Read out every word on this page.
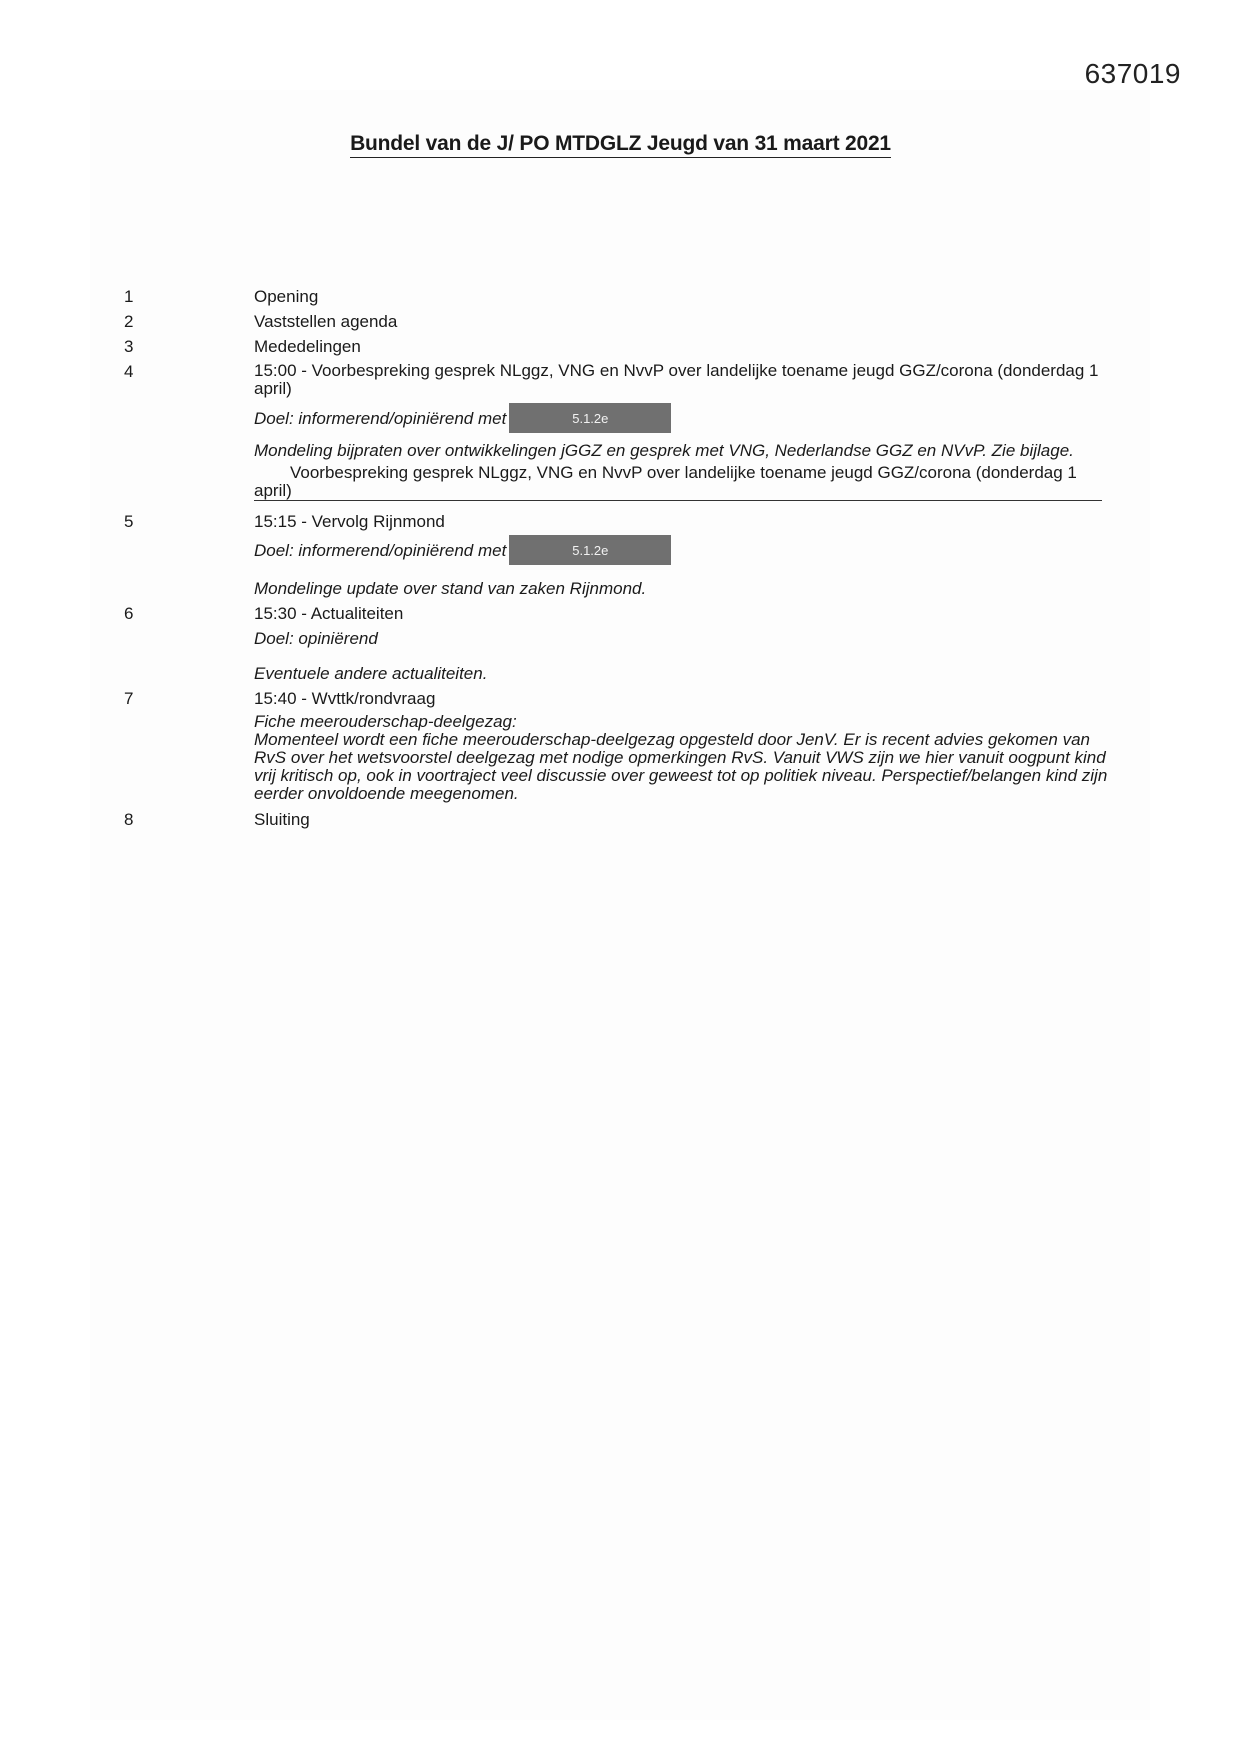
637019
Bundel van de J/ PO MTDGLZ Jeugd van 31 maart 2021
1	Opening
2	Vaststellen agenda
3	Mededelingen
4	15:00 - Voorbespreking gesprek NLggz, VNG en NvvP over landelijke toename jeugd GGZ/corona (donderdag 1 april)
Doel: informerend/opiniërend met	5.1.2e
Mondeling bijpraten over ontwikkelingen jGGZ en gesprek met VNG, Nederlandse GGZ en NVvP. Zie bijlage.
Voorbespreking gesprek NLggz, VNG en NvvP over landelijke toename jeugd GGZ/corona (donderdag 1 april)
5	15:15 - Vervolg Rijnmond
Doel: informerend/opiniërend met	5.1.2e
Mondelinge update over stand van zaken Rijnmond.
6	15:30 - Actualiteiten
Doel: opiniërend
Eventuele andere actualiteiten.
7	15:40 - Wvttk/rondvraag
Fiche meerouderschap-deelgezag:
Momenteel wordt een fiche meerouderschap-deelgezag opgesteld door JenV. Er is recent advies gekomen van RvS over het wetsvoorstel deelgezag met nodige opmerkingen RvS. Vanuit VWS zijn we hier vanuit oogpunt kind vrij kritisch op, ook in voortraject veel discussie over geweest tot op politiek niveau. Perspectief/belangen kind zijn eerder onvoldoende meegenomen.
8	Sluiting
